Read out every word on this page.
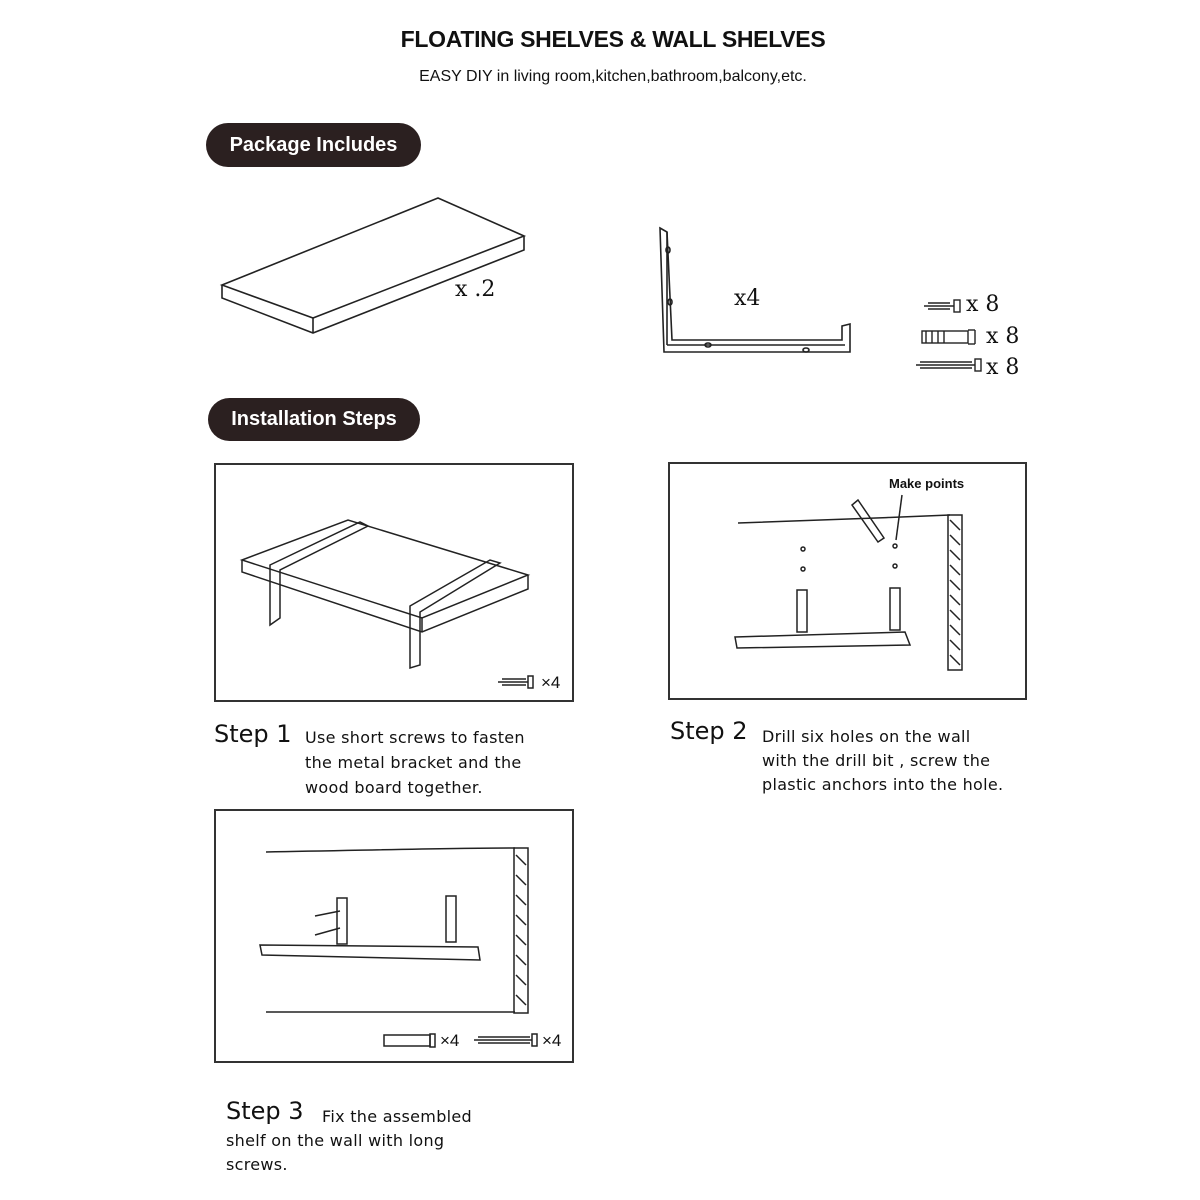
FLOATING SHELVES & WALL SHELVES
EASY DIY in living room,kitchen,bathroom,balcony,etc.
Package Includes
x .2	x4	x 8
x 8
x 8
Installation Steps
×4
Make points
×4	×4
Step 1 Use short screws to fasten
the metal bracket and the
wood board together.
Step 2 Drill six holes on the wall
with the drill bit , screw the
plastic anchors into the hole.
Step 3 Fix the assembled
shelf on the wall with long
screws.
